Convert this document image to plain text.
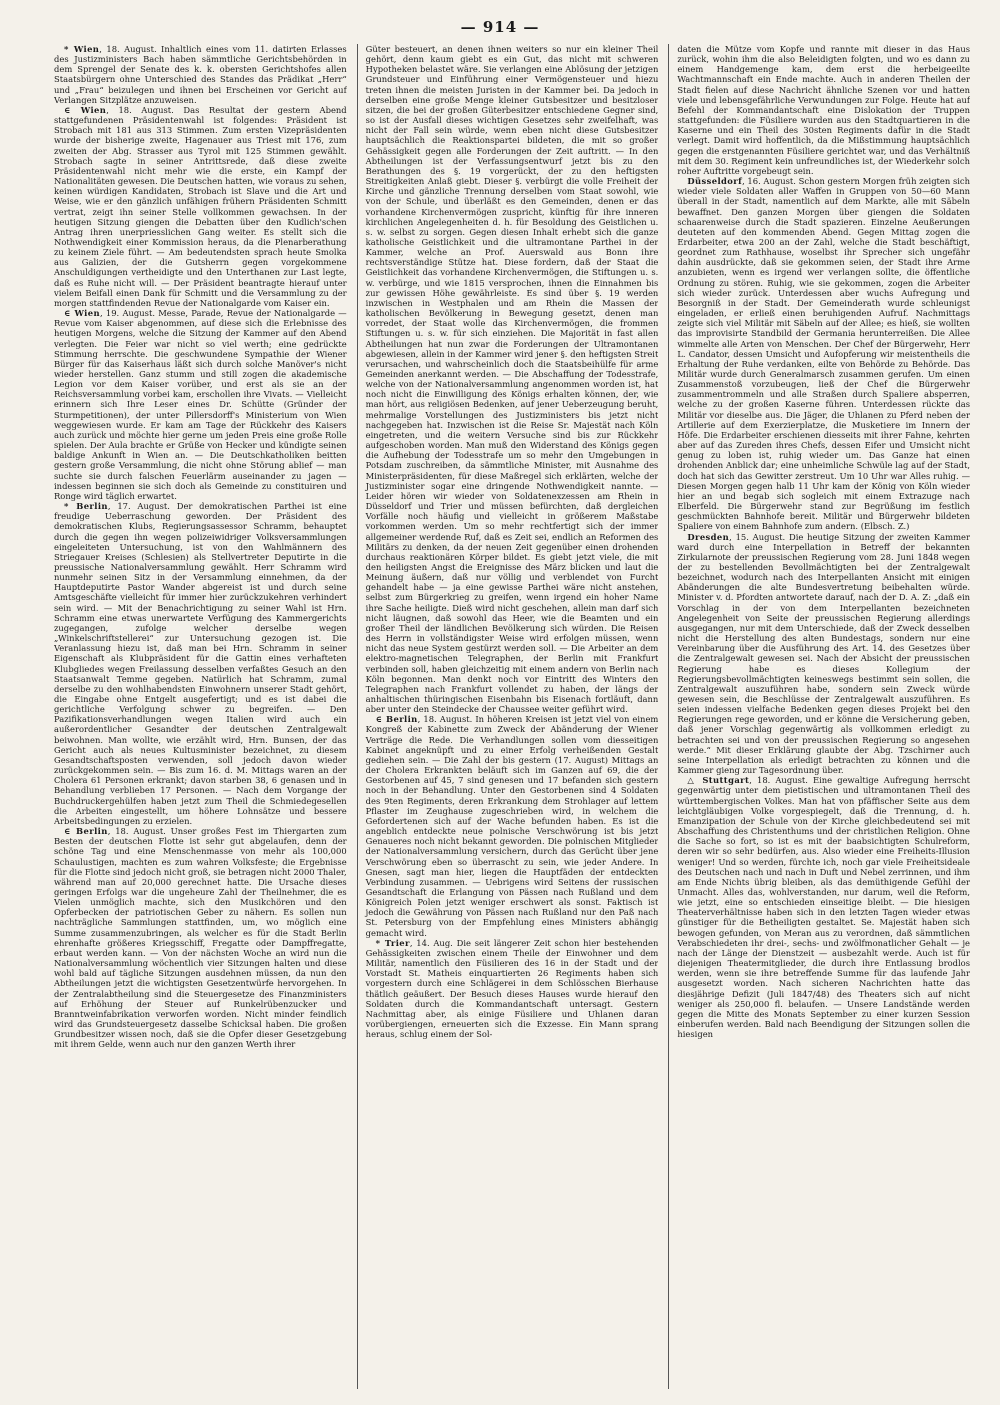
— 914 —

* Wien, 18. August. Inhaltlich eines vom 11. datirten Erlasses des Justizministers Bach haben sämmtliche Gerichtsbehörden in dem Sprengel der Senate des k. k. obersten Gerichtshofes allen Staatsbürgern ohne Unterschied des Standes das Prädikat „Herr“ und „Frau“ beizulegen und ihnen bei Erscheinen vor Gericht auf Verlangen Sitzplätze anzuweisen.

∈ Wien, 18. August. Das Resultat der gestern Abend stattgefundenen Präsidentenwahl ist folgendes: Präsident ist Strobach mit 181 aus 313 Stimmen. Zum ersten Vizepräsidenten wurde der bisherige zweite, Hagenauer aus Triest mit 176, zum zweiten der Abg. Strasser aus Tyrol mit 125 Stimmen gewählt. Strobach sagte in seiner Antrittsrede, daß diese zweite Präsidentenwahl nicht mehr wie die erste, ein Kampf der Nationalitäten gewesen. Die Deutschen hatten, wie voraus zu sehen, keinen würdigen Kandidaten, Strobach ist Slave und die Art und Weise, wie er den gänzlich unfähigen frühern Präsidenten Schmitt vertrat, zeigt ihn seiner Stelle vollkommen gewachsen. In der heutigen Sitzung giengen die Debatten über den Kudlich'schen Antrag ihren unerpriesslichen Gang weiter. Es stellt sich die Nothwendigkeit einer Kommission heraus, da die Plenarberathung zu keinem Ziele führt. — Am bedeutendsten sprach heute Smolka aus Galizien, der die Gutsherrn gegen vorgekommene Anschuldigungen vertheidigte und den Unterthanen zur Last legte, daß es Ruhe nicht will. — Der Präsident beantragte hierauf unter vielem Beifall einen Dank für Schmitt und die Versammlung zu der morgen stattfindenden Revue der Nationalgarde vom Kaiser ein.

∈ Wien, 19. August. Messe, Parade, Revue der Nationalgarde — Revue vom Kaiser abgenommen, auf diese sich die Erlebnisse des heutigen Morgens, welche die Sitzung der Kammer auf den Abend verlegten. Die Feier war nicht so viel werth; eine gedrückte Stimmung herrschte. Die geschwundene Sympathie der Wiener Bürger für das Kaiserhaus läßt sich durch solche Manöver's nicht wieder herstellen. Ganz stumm und still zogen die akademische Legion vor dem Kaiser vorüber, und erst als sie an der Reichsversammlung vorbei kam, erschollen ihre Vivats. — Vielleicht erinnern sich Ihre Leser eines Dr. Schütte (Gründer der Sturmpetitionen), der unter Pillersdorff's Ministerium von Wien weggewiesen wurde. Er kam am Tage der Rückkehr des Kaisers auch zurück und möchte hier gerne um jeden Preis eine große Rolle spielen. Der Aula brachte er Grüße von Hecker und kündigte seinen baldige Ankunft in Wien an. — Die Deutschkatholiken beitten gestern große Versammlung, die nicht ohne Störung ablief — man suchte sie durch falschen Feuerlärm auseinander zu jagen — indessen beginnen sie sich doch als Gemeinde zu constituiren und Ronge wird täglich erwartet.

* Berlin, 17. August. Der demokratischen Parthei ist eine freudige Ueberraschung geworden. Der Präsident des demokratischen Klubs, Regierungsassessor Schramm, behauptet durch die gegen ihn wegen polizeiwidriger Volksversammlungen eingeleiteten Untersuchung, ist von den Wahlmännern des Striegauer Kreises (Schlesien) als Stellvertreter Deputirte in die preussische Nationalversammlung gewählt. Herr Schramm wird nunmehr seinen Sitz in der Versammlung einnehmen, da der Hauptdeputirte Pastor Wander abgereist ist und durch seine Amtsgeschäfte vielleicht für immer hier zurückzukehren verhindert sein wird. — Mit der Benachrichtigung zu seiner Wahl ist Hrn. Schramm eine etwas unerwartete Verfügung des Kammergerichts zugegangen, zufolge welcher derselbe wegen „Winkelschriftstellerei“ zur Untersuchung gezogen ist. Die Veranlassung hiezu ist, daß man bei Hrn. Schramm in seiner Eigenschaft als Klubpräsident für die Gattin eines verhafteten Klubgliedes wegen Freilassung desselben verfaßtes Gesuch an den Staatsanwalt Temme gegeben. Natürlich hat Schramm, zumal derselbe zu den wohlhabendsten Einwohnern unserer Stadt gehört, die Eingabe ohne Entgelt ausgefertigt; und es ist dabei die gerichtliche Verfolgung schwer zu begreifen. — Den Pazifikationsverhandlungen wegen Italien wird auch ein außerordentlicher Gesandter der deutschen Zentralgewalt beiwohnen. Man wollte, wie erzählt wird, Hrn. Bunsen, der das Gericht auch als neues Kultusminister bezeichnet, zu diesem Gesandtschaftsposten verwenden, soll jedoch davon wieder zurückgekommen sein. — Bis zum 16. d. M. Mittags waren an der Cholera 61 Personen erkrankt; davon starben 38, 6 genasen und in Behandlung verblieben 17 Personen. — Nach dem Vorgange der Buchdruckergehülfen haben jetzt zum Theil die Schmiedegesellen die Arbeiten eingestellt, um höhere Lohnsätze und bessere Arbeitsbedingungen zu erzielen.

∈ Berlin, 18. August. Unser großes Fest im Thiergarten zum Besten der deutschen Flotte ist sehr gut abgelaufen, denn der schöne Tag und eine Menschenmasse von mehr als 100,000 Schaulustigen, machten es zum wahren Volksfeste; die Ergebnisse für die Flotte sind jedoch nicht groß, sie betragen nicht 2000 Thaler, während man auf 20,000 gerechnet hatte. Die Ursache dieses geringen Erfolgs war die ungeheure Zahl der Theilnehmer, die es Vielen unmöglich machte, sich den Musikchören und den Opferbecken der patriotischen Geber zu nähern. Es sollen nun nachträgliche Sammlungen stattfinden, um, wo möglich eine Summe zusammenzubringen, als welcher es für die Stadt Berlin ehrenhafte größeres Kriegsschiff, Fregatte oder Dampffregatte, erbaut werden kann. — Von der nächsten Woche an wird nun die Nationalversammlung wöchentlich vier Sitzungen halten und diese wohl bald auf tägliche Sitzungen ausdehnen müssen, da nun den Abtheilungen jetzt die wichtigsten Gesetzentwürfe hervorgehen. In der Zentralabtheilung sind die Steuergesetze des Finanzministers auf Erhöhung der Steuer auf Runkelrübenzucker und Branntweinfabrikation verworfen worden. Nicht minder feindlich wird das Grundsteuergesetz dasselbe Schicksal haben. Die großen Grundbesitzer wissen noch, daß sie die Opfer dieser Gesetzgebung mit ihrem Gelde, wenn auch nur den ganzen Werth ihrer

Güter besteuert, an denen ihnen weiters so nur ein kleiner Theil gehört, denn kaum giebt es ein Gut, das nicht mit schweren Hypotheken belastet wäre. Sie verlangen eine Ablösung der jetzigen Grundsteuer und Einführung einer Vermögensteuer und hiezu treten ihnen die meisten Juristen in der Kammer bei. Da jedoch in derselben eine große Menge kleiner Gutsbesitzer und besitzloser sitzen, die bei der großen Güterbesitzer entschiedene Gegner sind, so ist der Ausfall dieses wichtigen Gesetzes sehr zweifelhaft, was nicht der Fall sein würde, wenn eben nicht diese Gutsbesitzer hauptsächlich die Reaktionspartei bildeten, die mit so großer Gehässigkeit gegen alle Forderungen der Zeit auftritt. — In den Abtheilungen ist der Verfassungsentwurf jetzt bis zu den Berathungen des §. 19 vorgerückt, der zu den heftigsten Streitigkeiten Anlaß giebt. Dieser §. verbürgt die volle Freiheit der Kirche und gänzliche Trennung derselben vom Staat sowohl, wie von der Schule, und überläßt es den Gemeinden, denen er das vorhandene Kirchenvermögen zuspricht, künftig für ihre inneren kirchlichen Angelegenheiten d. h. für Besoldung des Geistlichen u. s. w. selbst zu sorgen. Gegen diesen Inhalt erhebt sich die ganze katholische Geistlichkeit und die ultramontane Parthei in der Kammer, welche an Prof. Auerswald aus Bonn ihre rechtsverständige Stütze hat. Diese fordern, daß der Staat die Geistlichkeit das vorhandene Kirchenvermögen, die Stiftungen u. s. w. verbürge, und wie 1815 versprochen, ihnen die Einnahmen bis zur gewissen Höhe gewährleiste. Es sind über §. 19 werden inzwischen in Westphalen und am Rhein die Massen der katholischen Bevölkerung in Bewegung gesetzt, denen man vorredet, der Staat wolle das Kirchenvermögen, die frommen Stiftungen u. s. w. für sich einziehen. Die Majorität in fast allen Abtheilungen hat nun zwar die Forderungen der Ultramontanen abgewiesen, allein in der Kammer wird jener §. den heftigsten Streit verursachen, und wahrscheinlich doch die Staatsbeihülfe für arme Gemeinden anerkannt werden. — Die Abschaffung der Todesstrafe, welche von der Nationalversammlung angenommen worden ist, hat noch nicht die Einwilligung des Königs erhalten können, der, wie man hört, aus religiösen Bedenken, auf jener Ueberzeugung beruht, mehrmalige Vorstellungen des Justizministers bis jetzt nicht nachgegeben hat. Inzwischen ist die Reise Sr. Majestät nach Köln eingetreten, und die weitern Versuche sind bis zur Rückkehr aufgeschoben worden. Man muß den Widerstand des Königs gegen die Aufhebung der Todesstrafe um so mehr den Umgebungen in Potsdam zuschreiben, da sämmtliche Minister, mit Ausnahme des Ministerpräsidenten, für diese Maßregel sich erklärten, welche der Justizminister sogar eine dringende Nothwendigkeit nannte. — Leider hören wir wieder von Soldatenexzessen am Rhein in Düsseldorf und Trier und müssen befürchten, daß dergleichen Vorfälle noch häufig und vielleicht in größerem Maßstabe vorkommen werden. Um so mehr rechtfertigt sich der immer allgemeiner werdende Ruf, daß es Zeit sei, endlich an Reformen des Militärs zu denken, da der neuen Zeit gegenüber einen drohenden durchaus reaktionären Körper bildet. Es giebt jetzt viele, die mit den heiligsten Angst die Ereignisse des März blicken und laut die Meinung äußern, daß nur völlig und verblendet von Furcht gehandelt habe — ja eine gewisse Parthei wäre nicht anstehen, selbst zum Bürgerkrieg zu greifen, wenn irgend ein hoher Name ihre Sache heiligte. Dieß wird nicht geschehen, allein man darf sich nicht läugnen, daß sowohl das Heer, wie die Beamten und ein großer Theil der ländlichen Bevölkerung sich würden. Die Reisen des Herrn in vollständigster Weise wird erfolgen müssen, wenn nicht das neue System gestürzt werden soll. — Die Arbeiter an dem elektro-magnetischen Telegraphen, der Berlin mit Frankfurt verbinden soll, haben gleichzeitig mit einem andern von Berlin nach Köln begonnen. Man denkt noch vor Eintritt des Winters den Telegraphen nach Frankfurt vollendet zu haben, der längs der anhaltischen thüringischen Eisenbahn bis Eisenach fortläuft, dann aber unter den Steindecke der Chaussee weiter geführt wird.

∈ Berlin, 18. August. In höheren Kreisen ist jetzt viel von einem Kongreß der Kabinette zum Zweck der Abänderung der Wiener Verträge die Rede. Die Verhandlungen sollen vom diesseitigen Kabinet angeknüpft und zu einer Erfolg verheißenden Gestalt gediehen sein. — Die Zahl der bis gestern (17. August) Mittags an der Cholera Erkrankten beläuft sich im Ganzen auf 69, die der Gestorbenen auf 45, 7 sind genesen und 17 befanden sich gestern noch in der Behandlung. Unter den Gestorbenen sind 4 Soldaten des 9ten Regiments, deren Erkrankung dem Strohlager auf lettem Pflaster im Zeughause zugeschrieben wird, in welchem die Gefordertenen sich auf der Wache befunden haben. Es ist die angeblich entdeckte neue polnische Verschwörung ist bis jetzt Genaueres noch nicht bekannt geworden. Die polnischen Mitglieder der Nationalversammlung versichern, durch das Gerücht über jene Verschwörung eben so überrascht zu sein, wie jeder Andere. In Gnesen, sagt man hier, liegen die Hauptfäden der entdeckten Verbindung zusammen. — Uebrigens wird Seitens der russischen Gesandtschaft die Erlangung von Pässen nach Rußland und dem Königreich Polen jetzt weniger erschwert als sonst. Faktisch ist jedoch die Gewährung von Pässen nach Rußland nur den Paß nach St. Petersburg von der Empfehlung eines Ministers abhängig gemacht wird.

* Trier, 14. Aug. Die seit längerer Zeit schon hier bestehenden Gehässigkeiten zwischen einem Theile der Einwohner und dem Militär, namentlich den Füsilieren des 16 in der Stadt und der Vorstadt St. Matheis einquartierten 26 Regiments haben sich vorgestern durch eine Schlägerei in dem Schlösschen Bierhause thätlich geäußert. Der Besuch dieses Hauses wurde hierauf den Soldaten durch die Kommandantschaft untersagt. Gestern Nachmittag aber, als einige Füsiliere und Uhlanen daran vorübergiengen, erneuerten sich die Exzesse. Ein Mann sprang heraus, schlug einem der Sol-

daten die Mütze vom Kopfe und rannte mit dieser in das Haus zurück, wohin ihm die also Beleidigten folgten, und wo es dann zu einem Handgemenge kam, dem erst die herbeigeeilte Wachtmannschaft ein Ende machte. Auch in anderen Theilen der Stadt fielen auf diese Nachricht ähnliche Szenen vor und hatten viele und lebensgefährliche Verwundungen zur Folge. Heute hat auf Befehl der Kommandantschaft eine Dislokation der Truppen stattgefunden: die Füsiliere wurden aus den Stadtquartieren in die Kaserne und ein Theil des 30sten Regiments dafür in die Stadt verlegt. Damit wird hoffentlich, da die Mißstimmung hauptsächlich gegen die erstgenannten Füsiliere gerichtet war, und das Verhältniß mit dem 30. Regiment kein unfreundliches ist, der Wiederkehr solch roher Auftritte vorgebeugt sein.

Düsseldorf, 16. August. Schon gestern Morgen früh zeigten sich wieder viele Soldaten aller Waffen in Gruppen von 50—60 Mann überall in der Stadt, namentlich auf dem Markte, alle mit Säbeln bewaffnet. Den ganzen Morgen über giengen die Soldaten schaarenweise durch die Stadt spazieren. Einzelne Aeußerungen deuteten auf den kommenden Abend. Gegen Mittag zogen die Erdarbeiter, etwa 200 an der Zahl, welche die Stadt beschäftigt, geordnet zum Rathhause, woselbst ihr Sprecher sich ungefähr dahin ausdrückte, daß sie gekommen seien, der Stadt ihre Arme anzubieten, wenn es irgend wer verlangen sollte, die öffentliche Ordnung zu stören. Ruhig, wie sie gekommen, zogen die Arbeiter sich wieder zurück. Unterdessen aber wuchs Aufregung und Besorgniß in der Stadt. Der Gemeinderath wurde schleunigst eingeladen, er erließ einen beruhigenden Aufruf. Nachmittags zeigte sich viel Militär mit Säbeln auf der Allee; es hieß, sie wollten das improvisirte Standbild der Germania herunterreißen. Die Allee wimmelte alle Arten von Menschen. Der Chef der Bürgerwehr, Herr L. Candator, dessen Umsicht und Aufopferung wir meistentheils die Erhaltung der Ruhe verdanken, eilte von Behörde zu Behörde. Das Militär wurde durch Generalmarsch zusammen gerufen. Um einen Zusammenstoß vorzubeugen, ließ der Chef die Bürgerwehr zusammentrommeln und alle Straßen durch Spaliere absperren, welche zu der großen Kaserne führen. Unterdessen rückte das Militär vor dieselbe aus. Die Jäger, die Uhlanen zu Pferd neben der Artillerie auf dem Exerzierplatze, die Musketiere im Innern der Höfe. Die Erdarbeiter erschienen diesseits mit ihrer Fahne, kehrten aber auf das Zureden ihres Chefs, dessen Eifer und Umsicht nicht genug zu loben ist, ruhig wieder um. Das Ganze hat einen drohenden Anblick dar; eine unheimliche Schwüle lag auf der Stadt, doch hat sich das Gewitter zerstreut. Um 10 Uhr war Alles ruhig. — Diesen Morgen gegen halb 11 Uhr kam der König von Köln wieder hier an und begab sich sogleich mit einem Extrazuge nach Elberfeld. Die Bürgerwehr stand zur Begrüßung im festlich geschmückten Bahnhofe bereit. Militär und Bürgerwehr bildeten Spaliere von einem Bahnhofe zum andern. (Elbsch. Z.)

Dresden, 15. August. Die heutige Sitzung der zweiten Kammer ward durch eine Interpellation in Betreff der bekannten Zirkularnote der preussischen Regierung vom 28. Juni 1848 wegen der zu bestellenden Bevollmächtigten bei der Zentralgewalt bezeichnet, wodurch nach des Interpellanten Ansicht mit einigen Abänderungen die alte Bundesvertretung beibehalten würde. Minister v. d. Pfordten antwortete darauf, nach der D. A. Z: „daß ein Vorschlag in der von dem Interpellanten bezeichneten Angelegenheit von Seite der preussischen Regierung allerdings ausgegangen, nur mit dem Unterschiede, daß der Zweck desselben nicht die Herstellung des alten Bundestags, sondern nur eine Vereinbarung über die Ausführung des Art. 14. des Gesetzes über die Zentralgewalt gewesen sei. Nach der Absicht der preussischen Regierung habe es dieses Kollegium der Regierungsbevollmächtigten keineswegs bestimmt sein sollen, die Zentralgewalt auszuführen habe, sondern sein Zweck würde gewesen sein, die Beschlüsse der Zentralgewalt auszuführen. Es seien indessen vielfache Bedenken gegen dieses Projekt bei den Regierungen rege geworden, und er könne die Versicherung geben, daß jener Vorschlag gegenwärtig als vollkommen erledigt zu betrachten sei und von der preussischen Regierung so angesehen werde.“ Mit dieser Erklärung glaubte der Abg. Tzschirner auch seine Interpellation als erledigt betrachten zu können und die Kammer gieng zur Tagesordnung über.

△ Stuttgart, 18. August. Eine gewaltige Aufregung herrscht gegenwärtig unter dem pietistischen und ultramontanen Theil des württembergischen Volkes. Man hat von pfäffischer Seite aus dem leichtgläubigen Volke vorgespiegelt, daß die Trennung, d. h. Emanzipation der Schule von der Kirche gleichbedeutend sei mit Abschaffung des Christenthums und der christlichen Religion. Ohne die Sache so fort, so ist es mit der baabsichtigten Schulreform, deren wir so sehr bedürfen, aus. Also wieder eine Freiheits-Illusion weniger! Und so werden, fürchte ich, noch gar viele Freiheitsideale des Deutschen nach und nach in Duft und Nebel zerrinnen, und ihm am Ende Nichts übrig bleiben, als das demüthigende Gefühl der Unmacht. Alles das, wohlverstanden, nur darum, weil die Reform, wie jetzt, eine so entschieden einseitige bleibt. — Die hiesigen Theaterverhältnisse haben sich in den letzten Tagen wieder etwas günstiger für die Betheiligten gestaltet. Se. Majestät haben sich bewogen gefunden, von Meran aus zu verordnen, daß sämmtlichen Verabschiedeten ihr drei-, sechs- und zwölfmonatlicher Gehalt — je nach der Länge der Dienstzeit — ausbezahlt werde. Auch ist für diejenigen Theatermitglieder, die durch ihre Entlassung brodlos werden, wenn sie ihre betreffende Summe für das laufende Jahr ausgesetzt worden. Nach sicheren Nachrichten hatte das diesjährige Defizit (Juli 1847/48) des Theaters sich auf nicht weniger als 250,000 fl. belaufen. — Unsere Landstände werden gegen die Mitte des Monats September zu einer kurzen Session einberufen werden. Bald nach Beendigung der Sitzungen sollen die hiesigen
